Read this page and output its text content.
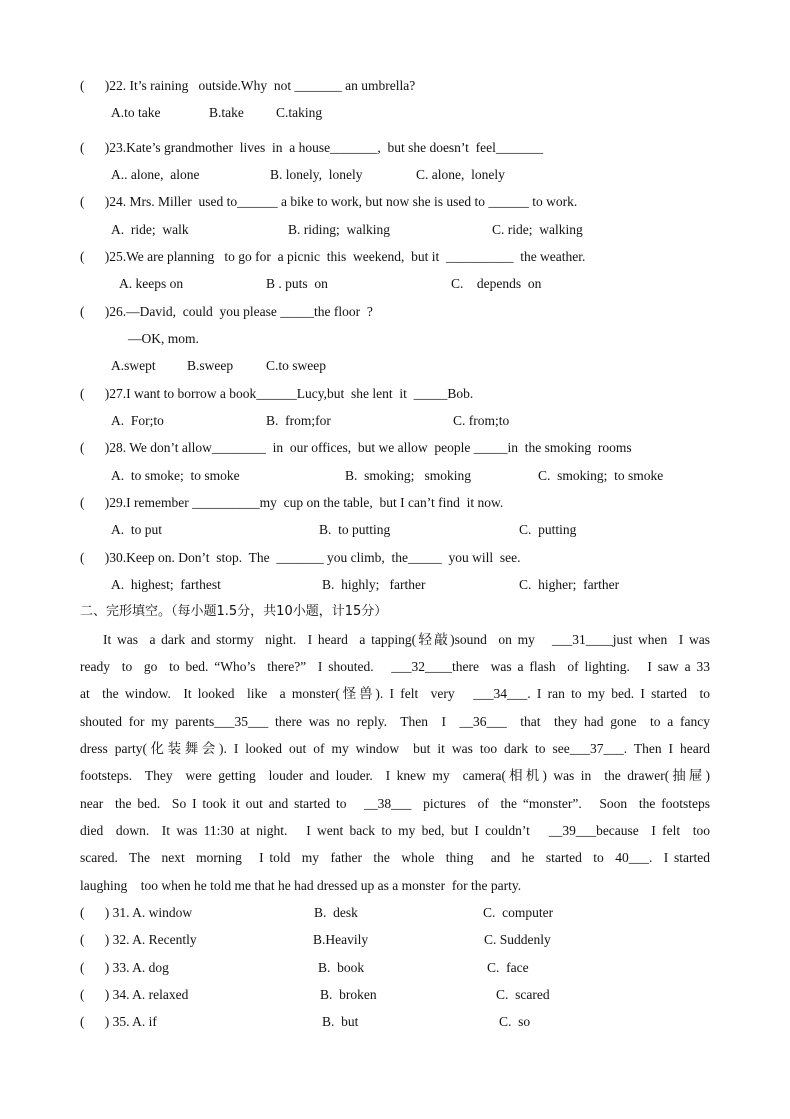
(      )22. It’s raining   outside.Why  not _______ an umbrella?
A.to take	B.take C.taking
(      )23.Kate’s grandmother  lives  in  a house_______,  but she doesn’t  feel_______
A.. alone,  alone	B. lonely,  lonely	C. alone,  lonely
(      )24. Mrs. Miller  used to______ a bike to work, but now she is used to ______ to work.
A.  ride;  walk	B. riding;  walking	C. ride;  walking
(      )25.We are planning   to go for  a picnic  this  weekend,  but it  __________  the weather.
A. keeps on	B . puts  on	C.    depends  on
(      )26.—David,  could  you please _____the floor  ?
—OK, mom.
A.swept B.sweep C.to sweep
(      )27.I want to borrow a book______Lucy,but  she lent  it  _____Bob.
A.  For;to	B.  from;for	C. from;to
(      )28. We don’t allow________  in  our offices,  but we allow  people _____in  the smoking  rooms
A.  to smoke;  to smoke	B.  smoking;   smoking	C.  smoking;  to smoke
(      )29.I remember __________my  cup on the table,  but I can’t find  it now.
A.  to put	B.  to putting	C.  putting
(      )30.Keep on. Don’t  stop.  The  _______ you climb,  the_____  you will  see.
A.  highest;  farthest	B.  highly;   farther	C.  higher;  farther
二、完形填空。（每小题1.5分，共10小题，计15分）
It was  a dark and stormy  night.  I heard  a tapping(轻敲)sound  on my   ___31____just when  I was
ready  to  go  to bed. “Who’s  there?”  I shouted.   ___32____there  was a flash  of lighting.   I saw a 33
at  the window.  It looked  like  a monster(怪兽). I felt  very   ___34___. I ran to my bed. I started  to
shouted for my parents___35___ there was no reply.  Then  I  __36___  that  they had gone  to a fancy
dress party(化装舞会). I looked out of my window  but it was too dark to see___37___. Then I heard
footsteps.  They  were getting  louder and louder.  I knew my  camera(相机) was in  the drawer(抽屉)
near  the bed.  So I took it out and started to   __38___  pictures  of  the “monster”.   Soon  the footsteps
died  down.  It was 11:30 at night.   I went back to my bed, but I couldn’t   __39___because  I felt  too
scared.  The  next  morning   I told  my  father  the  whole  thing   and  he  started  to  40___.  I started
laughing    too when he told me that he had dressed up as a monster  for the party.
(      ) 31. A. window	B.  desk	C.  computer
(      ) 32. A. Recently	B.Heavily	C. Suddenly
(      ) 33. A. dog	B.  book	C.  face
(      ) 34. A. relaxed	B.  broken	C.  scared
(      ) 35. A. if	B.  but	C.  so
